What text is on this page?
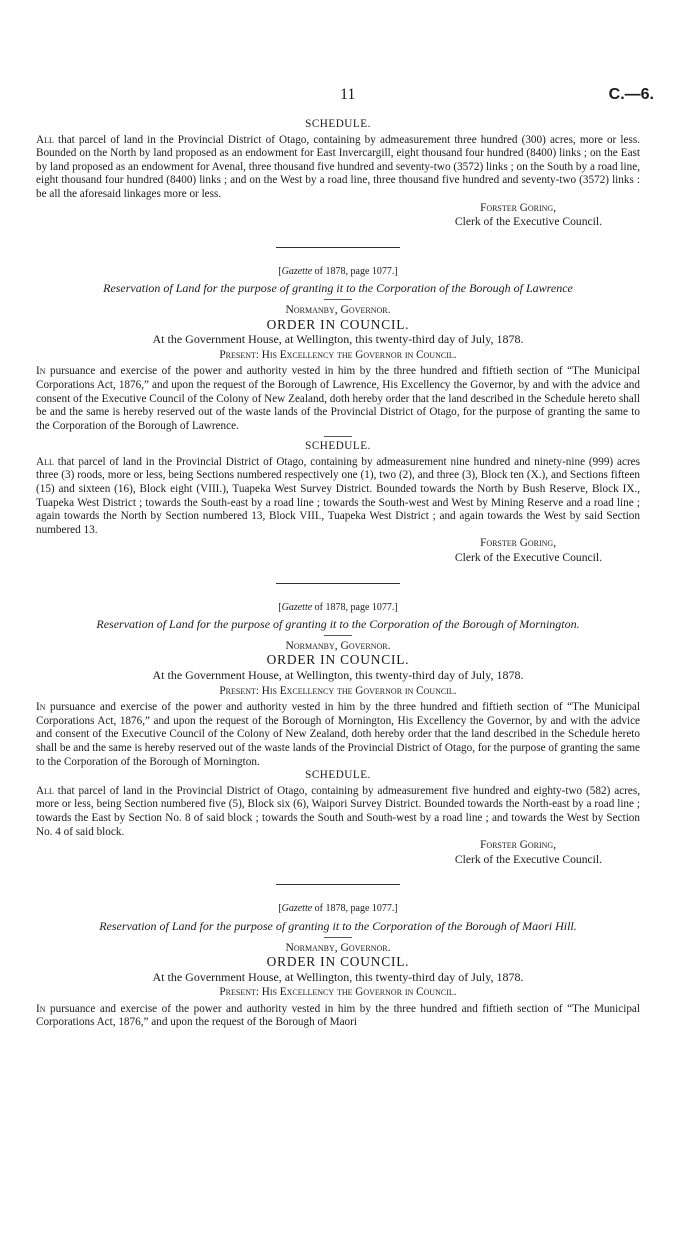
11	C.—6.

SCHEDULE.

All that parcel of land in the Provincial District of Otago, containing by admeasurement three hundred (300) acres, more or less. Bounded on the North by land proposed as an endowment for East Invercargill, eight thousand four hundred (8400) links ; on the East by land proposed as an endowment for Avenal, three thousand five hundred and seventy-two (3572) links ; on the South by a road line, eight thousand four hundred (8400) links ; and on the West by a road line, three thousand five hundred and seventy-two (3572) links : be all the aforesaid linkages more or less.

Forster Goring,

Clerk of the Executive Council.

[Gazette of 1878, page 1077.]

Reservation of Land for the purpose of granting it to the Corporation of the Borough of Lawrence

Normanby, Governor.

ORDER IN COUNCIL.

At the Government House, at Wellington, this twenty-third day of July, 1878.

Present: His Excellency the Governor in Council.

In pursuance and exercise of the power and authority vested in him by the three hundred and fiftieth section of “The Municipal Corporations Act, 1876,” and upon the request of the Borough of Lawrence, His Excellency the Governor, by and with the advice and consent of the Executive Council of the Colony of New Zealand, doth hereby order that the land described in the Schedule hereto shall be and the same is hereby reserved out of the waste lands of the Provincial District of Otago, for the purpose of granting the same to the Corporation of the Borough of Lawrence.

SCHEDULE.

All that parcel of land in the Provincial District of Otago, containing by admeasurement nine hundred and ninety-nine (999) acres three (3) roods, more or less, being Sections numbered respectively one (1), two (2), and three (3), Block ten (X.), and Sections fifteen (15) and sixteen (16), Block eight (VIII.), Tuapeka West Survey District. Bounded towards the North by Bush Reserve, Block IX., Tuapeka West District ; towards the South-east by a road line ; towards the South-west and West by Mining Reserve and a road line ; again towards the North by Section numbered 13, Block VIII., Tuapeka West District ; and again towards the West by said Section numbered 13.

Forster Goring,

Clerk of the Executive Council.

[Gazette of 1878, page 1077.]

Reservation of Land for the purpose of granting it to the Corporation of the Borough of Mornington.

Normanby, Governor.

ORDER IN COUNCIL.

At the Government House, at Wellington, this twenty-third day of July, 1878.

Present: His Excellency the Governor in Council.

In pursuance and exercise of the power and authority vested in him by the three hundred and fiftieth section of “The Municipal Corporations Act, 1876,” and upon the request of the Borough of Mornington, His Excellency the Governor, by and with the advice and consent of the Executive Council of the Colony of New Zealand, doth hereby order that the land described in the Schedule hereto shall be and the same is hereby reserved out of the waste lands of the Provincial District of Otago, for the purpose of granting the same to the Corporation of the Borough of Mornington.

SCHEDULE.

All that parcel of land in the Provincial District of Otago, containing by admeasurement five hundred and eighty-two (582) acres, more or less, being Section numbered five (5), Block six (6), Waipori Survey District. Bounded towards the North-east by a road line ; towards the East by Section No. 8 of said block ; towards the South and South-west by a road line ; and towards the West by Section No. 4 of said block.

Forster Goring,

Clerk of the Executive Council.

[Gazette of 1878, page 1077.]

Reservation of Land for the purpose of granting it to the Corporation of the Borough of Maori Hill.

Normanby, Governor.

ORDER IN COUNCIL.

At the Government House, at Wellington, this twenty-third day of July, 1878.

Present: His Excellency the Governor in Council.

In pursuance and exercise of the power and authority vested in him by the three hundred and fiftieth section of “The Municipal Corporations Act, 1876,” and upon the request of the Borough of Maori
